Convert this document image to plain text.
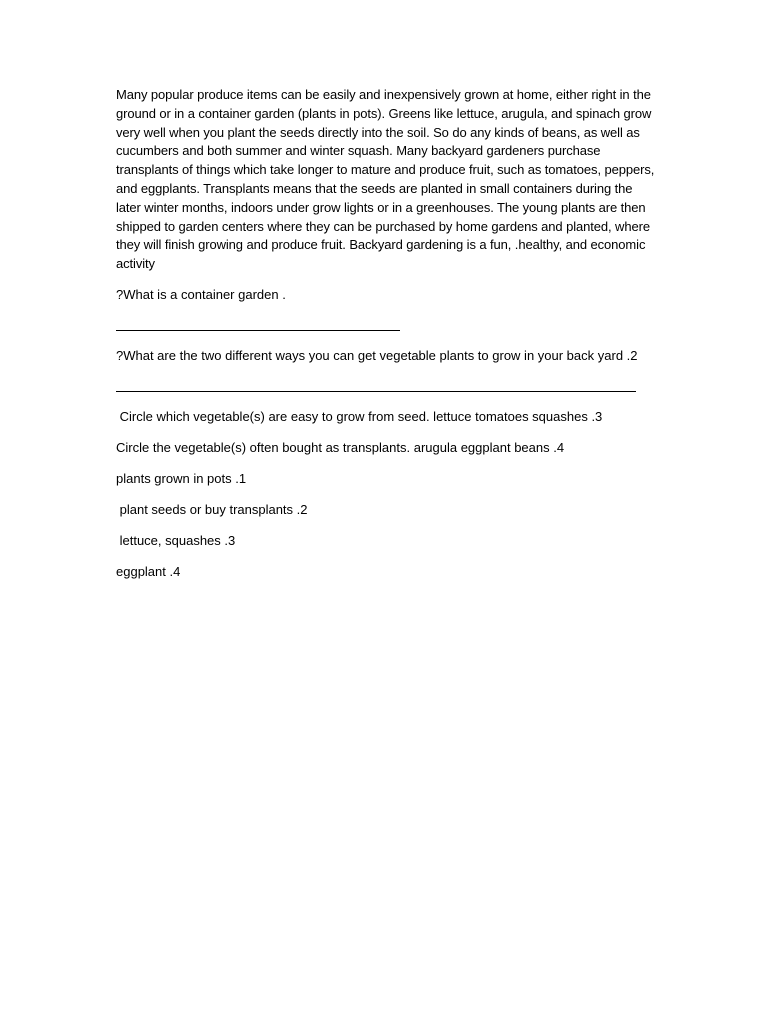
Many popular produce items can be easily and inexpensively grown at home, either right in the ground or in a container garden (plants in pots). Greens like lettuce, arugula, and spinach grow very well when you plant the seeds directly into the soil. So do any kinds of beans, as well as cucumbers and both summer and winter squash. Many backyard gardeners purchase transplants of things which take longer to mature and produce fruit, such as tomatoes, peppers, and eggplants. Transplants means that the seeds are planted in small containers during the later winter months, indoors under grow lights or in a greenhouses. The young plants are then shipped to garden centers where they can be purchased by home gardens and planted, where they will finish growing and produce fruit. Backyard gardening is a fun, .healthy, and economic activity

?What is a container garden .
?What are the two different ways you can get vegetable plants to grow in your back yard .2
Circle which vegetable(s) are easy to grow from seed. lettuce tomatoes squashes .3
Circle the vegetable(s) often bought as transplants. arugula eggplant beans .4
plants grown in pots .1
plant seeds or buy transplants .2
lettuce, squashes .3
eggplant .4
